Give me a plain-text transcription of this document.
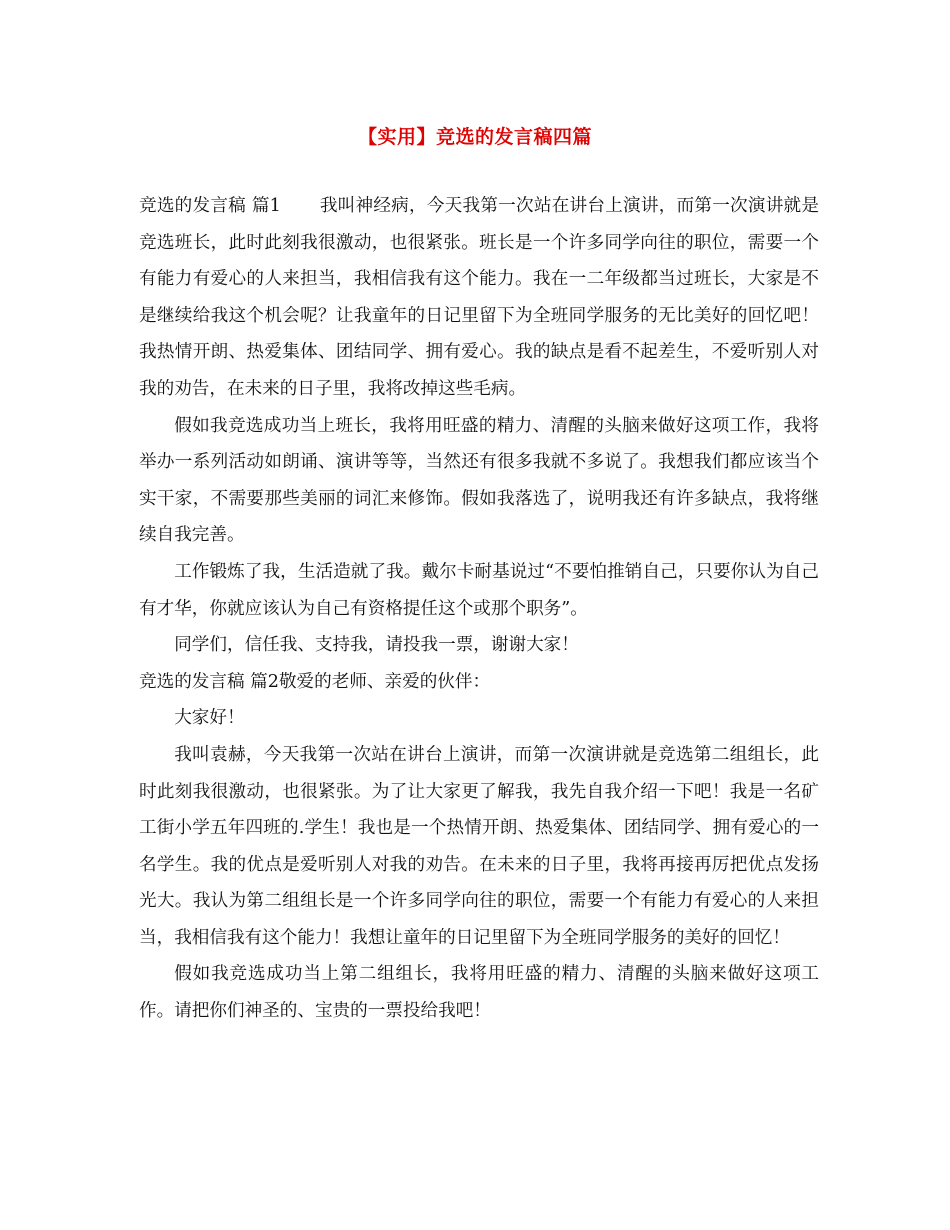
【实用】竞选的发言稿四篇

竞选的发言稿 篇1 我叫神经病，今天我第一次站在讲台上演讲，而第一次演讲就是竞选班长，此时此刻我很激动，也很紧张。班长是一个许多同学向往的职位，需要一个有能力有爱心的人来担当，我相信我有这个能力。我在一二年级都当过班长，大家是不是继续给我这个机会呢？让我童年的日记里留下为全班同学服务的无比美好的回忆吧！我热情开朗、热爱集体、团结同学、拥有爱心。我的缺点是看不起差生，不爱听别人对我的劝告，在未来的日子里，我将改掉这些毛病。

假如我竞选成功当上班长，我将用旺盛的精力、清醒的头脑来做好这项工作，我将举办一系列活动如朗诵、演讲等等，当然还有很多我就不多说了。我想我们都应该当个实干家，不需要那些美丽的词汇来修饰。假如我落选了，说明我还有许多缺点，我将继续自我完善。

工作锻炼了我，生活造就了我。戴尔卡耐基说过“不要怕推销自己，只要你认为自己有才华，你就应该认为自己有资格提任这个或那个职务”。

同学们，信任我、支持我，请投我一票，谢谢大家！

竞选的发言稿 篇2敬爱的老师、亲爱的伙伴：

大家好！

我叫袁赫，今天我第一次站在讲台上演讲，而第一次演讲就是竞选第二组组长，此时此刻我很激动，也很紧张。为了让大家更了解我，我先自我介绍一下吧！我是一名矿工街小学五年四班的.学生！我也是一个热情开朗、热爱集体、团结同学、拥有爱心的一名学生。我的优点是爱听别人对我的劝告。在未来的日子里，我将再接再厉把优点发扬光大。我认为第二组组长是一个许多同学向往的职位，需要一个有能力有爱心的人来担当，我相信我有这个能力！我想让童年的日记里留下为全班同学服务的美好的回忆！

假如我竞选成功当上第二组组长，我将用旺盛的精力、清醒的头脑来做好这项工作。请把你们神圣的、宝贵的一票投给我吧！
